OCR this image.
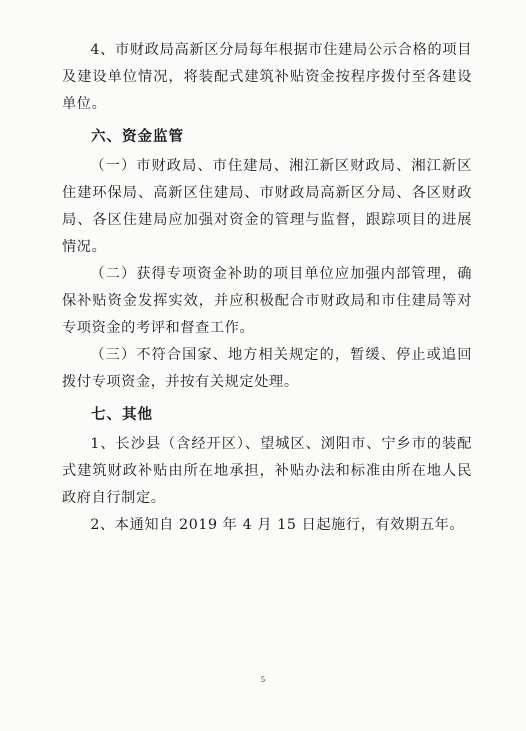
4、市财政局高新区分局每年根据市住建局公示合格的项目及建设单位情况，将装配式建筑补贴资金按程序拨付至各建设单位。

六、资金监管

（一）市财政局、市住建局、湘江新区财政局、湘江新区住建环保局、高新区住建局、市财政局高新区分局、各区财政局、各区住建局应加强对资金的管理与监督，跟踪项目的进展情况。

（二）获得专项资金补助的项目单位应加强内部管理，确保补贴资金发挥实效，并应积极配合市财政局和市住建局等对专项资金的考评和督查工作。

（三）不符合国家、地方相关规定的，暂缓、停止或追回拨付专项资金，并按有关规定处理。

七、其他

1、长沙县（含经开区）、望城区、浏阳市、宁乡市的装配式建筑财政补贴由所在地承担，补贴办法和标准由所在地人民政府自行制定。

2、本通知自 2019 年 4 月 15 日起施行，有效期五年。

5
